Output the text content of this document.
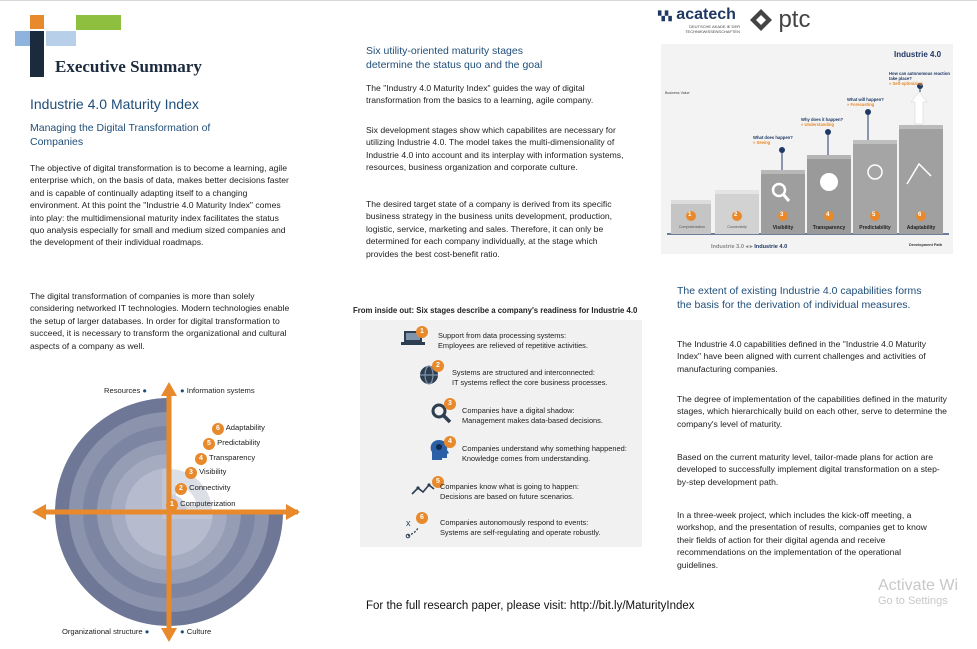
Executive Summary
Industrie 4.0 Maturity Index
Managing the Digital Transformation of Companies
The objective of digital transformation is to become a learning, agile enterprise which, on the basis of data, makes better decisions faster and is capable of continually adapting itself to a changing environment. At this point the "Industrie 4.0 Maturity Index" comes into play: the multidimensional maturity index facilitates the status quo analysis especially for small and medium sized companies and the development of their individual roadmaps.
The digital transformation of companies is more than solely considering networked IT technologies. Modern technologies enable the setup of larger databases. In order for digital transformation to succeed, it is necessary to transform the organizational and cultural aspects of a company as well.
Resources ●	● Information systems
Organizational structure ●	● Culture
6 Adaptability
5 Predictability
4 Transparency
3 Visibility
2 Connectivity
1 Computerization
Six utility-oriented maturity stages determine the status quo and the goal
The "Industry 4.0 Maturity Index" guides the way of digital transformation from the basics to a learning, agile company.
Six development stages show which capabilites are necessary for utilizing Industrie 4.0. The model takes the multi-dimensionality of Industrie 4.0 into account and its interplay with information systems, resources, business organization and corporate culture.
The desired target state of a company is derived from its specific business strategy in the business units development, production, logistic, service, marketing and sales. Therefore, it can only be determined for each company individually, at the stage which provides the best cost-benefit ratio.
From inside out: Six stages describe a company's readiness for Industrie 4.0
1	Support from data processing systems:
Employees are relieved of repetitive activities.
2
Systems are structured and interconnected:
IT systems reflect the core business processes.
3
Companies have a digital shadow:
Management makes data-based decisions.
4
Companies understand why something happened:
Knowledge comes from understanding.
5
Companies know what is going to happen:
Decisions are based on future scenarios.
x
6
Companies autonomously respond to events:
Systems are self-regulating and operate robustly.
For the full research paper, please visit: http://bit.ly/MaturityIndex
▚▚ acatech
DEUTSCHE AKADE IE DER
TECHNIKWISSENSCHAFTEN	ptc
Industrie 4.0
Business Value
1	2	3	4	5	6
Computerization	Connectivity	Visibility	Transparency	Predictability	Adaptability
What does happen?
» Seeing
Why does it happen?
» Understanding
What will happen?
» Forecasting
How can autonomous reaction take place?
» Self-optimizing
Industrie 3.0 ◂ ▸ Industrie 4.0	Development Path
The extent of existing Industrie 4.0 capabilities forms the basis for the derivation of individual measures.
The Industrie 4.0 capabilities defined in the "Industrie 4.0 Maturity Index" have been aligned with current challenges and activities of manufacturing companies.
The degree of implementation of the capabilities defined in the maturity stages, which hierarchically build on each other, serve to determine the company's level of maturity.
Based on the current maturity level, tailor-made plans for action are developed to successfully implement digital transformation on a step-by-step development path.
In a three-week project, which includes the kick-off meeting, a workshop, and the presentation of results, companies get to know their fields of action for their digital agenda and receive recommendations on the implementation of the operational guidelines.
Activate Wi
Go to Settings
